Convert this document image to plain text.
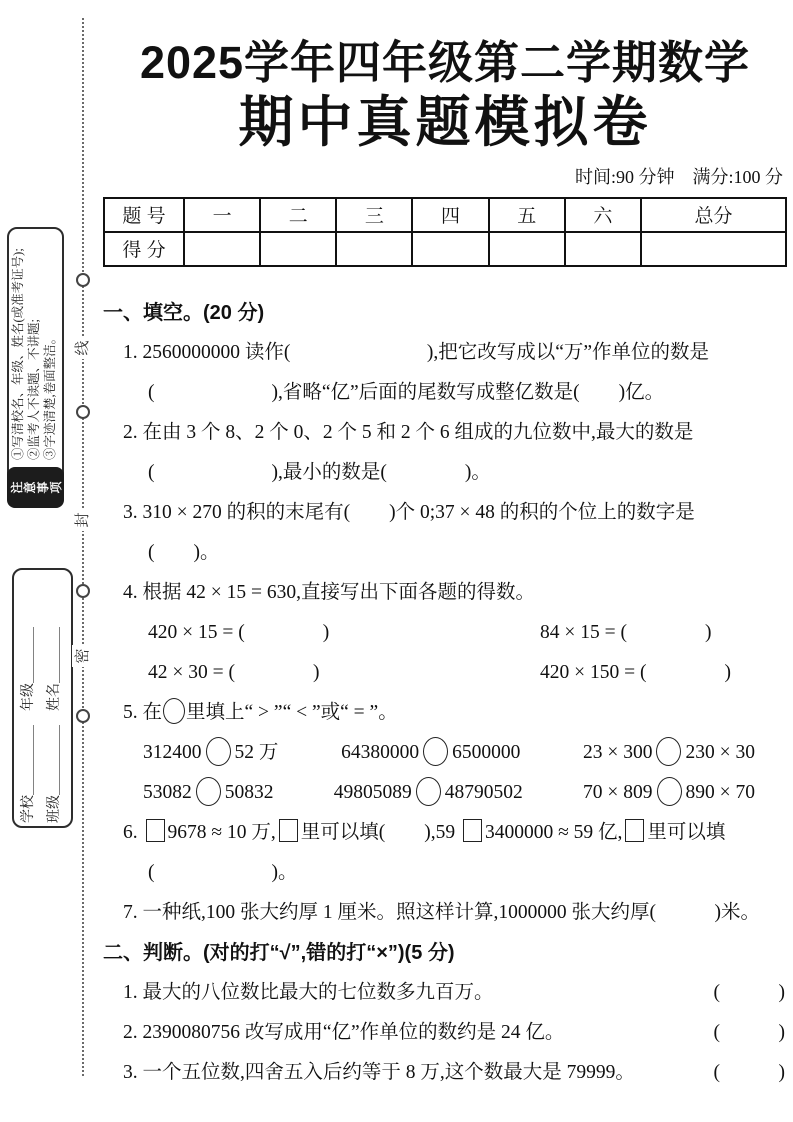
线
封
密
①写清校名、年级、姓名(或准考证号); ②监考人不读题、不讲题; ③字迹清楚,卷面整洁。
注 意 事 项
学校＿＿＿＿＿　年级＿＿＿＿ 班级＿＿＿＿＿　姓名＿＿＿＿
2025学年四年级第二学期数学
期中真题模拟卷
时间:90 分钟　满分:100 分
题 号	一	二	三	四	五	六	总分
得 分							
一、填空。(20 分)
1. 2560000000 读作(　　　　　　　),把它改写成以“万”作单位的数是
(　　　　　　),省略“亿”后面的尾数写成整亿数是(　　)亿。
2. 在由 3 个 8、2 个 0、2 个 5 和 2 个 6 组成的九位数中,最大的数是
(　　　　　　),最小的数是(　　　　)。
3. 310 × 270 的积的末尾有(　　)个 0;37 × 48 的积的个位上的数字是
(　　)。
4. 根据 42 × 15 = 630,直接写出下面各题的得数。
420 × 15 = (　　　　)	84 × 15 = (　　　　)
42 × 30 = (　　　　)	420 × 150 = (　　　　)
5. 在 里填上“ > ”“ < ”或“ = ”。
312400 52 万	64380000 6500000	23 × 300 230 × 30
53082 50832	49805089 48790502	70 × 809 890 × 70
6. 9678 ≈ 10 万, 里可以填(　　),59 3400000 ≈ 59 亿, 里可以填
(　　　　　　)。
7. 一种纸,100 张大约厚 1 厘米。照这样计算,1000000 张大约厚(　　　)米。
二、判断。(对的打“√”,错的打“×”)(5 分)
1. 最大的八位数比最大的七位数多九百万。	(　　　)
2. 2390080756 改写成用“亿”作单位的数约是 24 亿。	(　　　)
3. 一个五位数,四舍五入后约等于 8 万,这个数最大是 79999。	(　　　)
